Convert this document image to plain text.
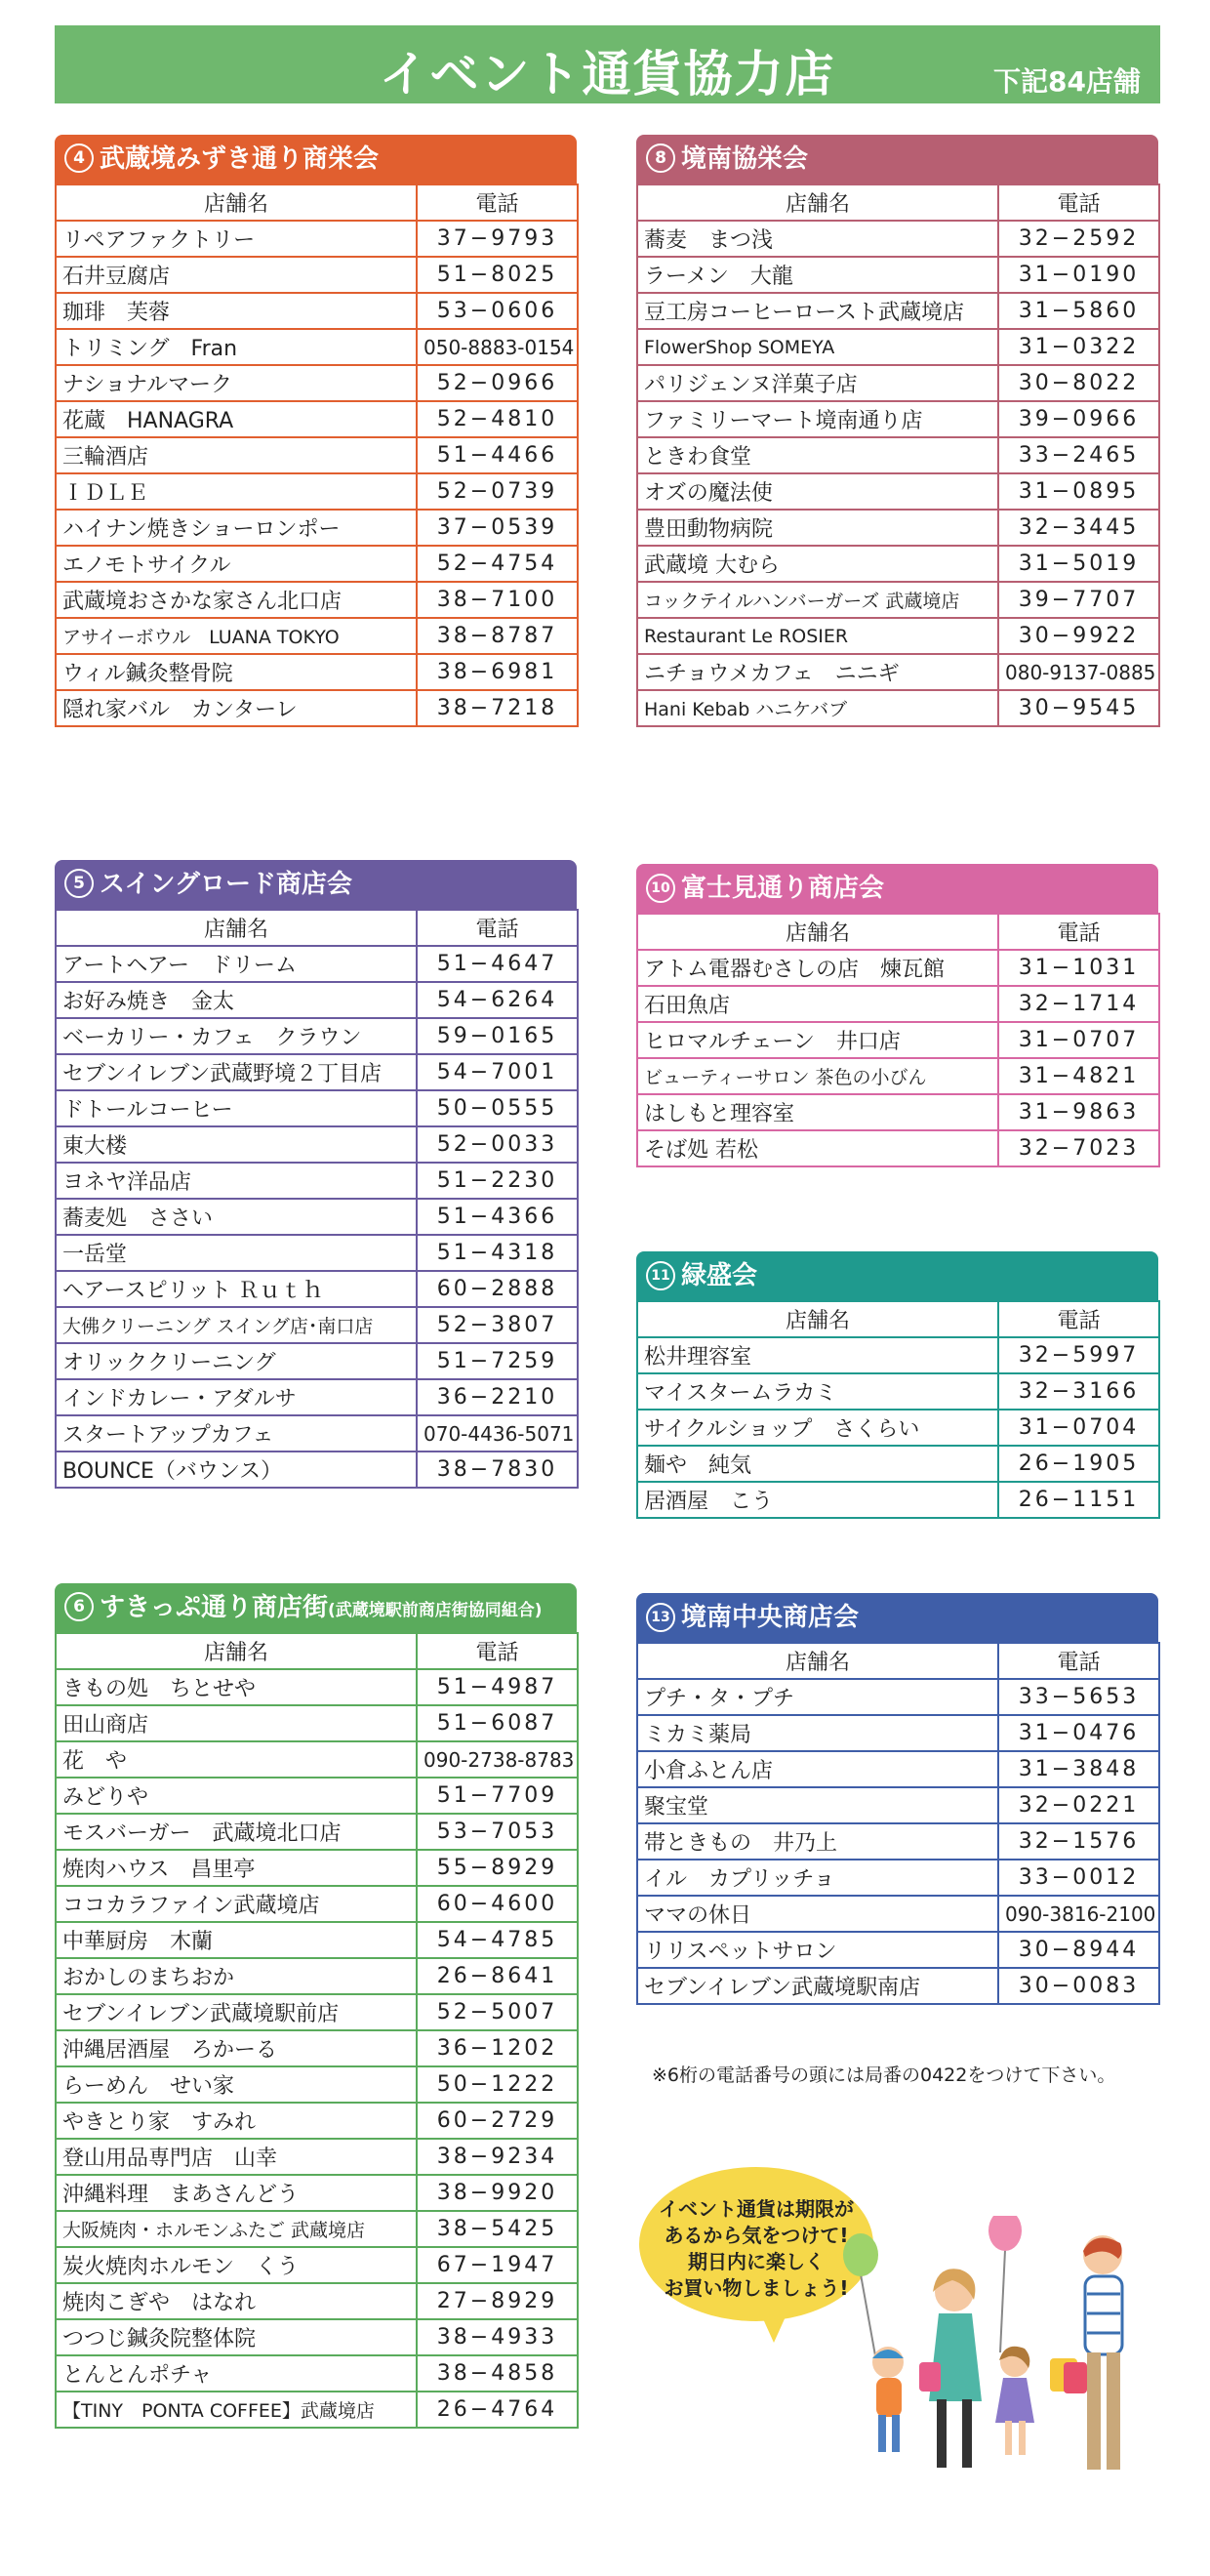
イベント通貨協力店	下記84店舗
4 武蔵境みずき通り商栄会
店舗名	電話
リペアファクトリー	37−9793
石井豆腐店	51−8025
珈琲　芙蓉	53−0606
トリミング　Fran	050-8883-0154
ナショナルマーク	52−0966
花蔵　HANAGRA	52−4810
三輪酒店	51−4466
ＩＤＬＥ	52−0739
ハイナン焼きショーロンポー	37−0539
エノモトサイクル	52−4754
武蔵境おさかな家さん北口店	38−7100
アサイーボウル　LUANA TOKYO	38−8787
ウィル鍼灸整骨院	38−6981
隠れ家バル　カンターレ	38−7218
5 スイングロード商店会
店舗名	電話
アートヘアー　ドリーム	51−4647
お好み焼き　金太	54−6264
ベーカリー・カフェ　クラウン	59−0165
セブンイレブン武蔵野境２丁目店	54−7001
ドトールコーヒー	50−0555
東大楼	52−0033
ヨネヤ洋品店	51−2230
蕎麦処　ささい	51−4366
一岳堂	51−4318
ヘアースピリット Ｒｕｔｈ	60−2888
大佛クリーニング スイング店･南口店	52−3807
オリッククリーニング	51−7259
インドカレー・アダルサ	36−2210
スタートアップカフェ	070-4436-5071
BOUNCE（バウンス）	38−7830
6 すきっぷ通り商店街(武蔵境駅前商店街協同組合)
店舗名	電話
きもの処　ちとせや	51−4987
田山商店	51−6087
花　や	090-2738-8783
みどりや	51−7709
モスバーガー　武蔵境北口店	53−7053
焼肉ハウス　昌里亭	55−8929
ココカラファイン武蔵境店	60−4600
中華厨房　木蘭	54−4785
おかしのまちおか	26−8641
セブンイレブン武蔵境駅前店	52−5007
沖縄居酒屋　ろかーる	36−1202
らーめん　せい家	50−1222
やきとり家　すみれ	60−2729
登山用品専門店　山幸	38−9234
沖縄料理　まあさんどう	38−9920
大阪焼肉・ホルモンふたご 武蔵境店	38−5425
炭火焼肉ホルモン　くう	67−1947
焼肉こぎや　はなれ	27−8929
つつじ鍼灸院整体院	38−4933
とんとんポチャ	38−4858
【TINY　PONTA COFFEE】武蔵境店	26−4764
8 境南協栄会
店舗名	電話
蕎麦　まつ浅	32−2592
ラーメン　大龍	31−0190
豆工房コーヒーロースト武蔵境店	31−5860
FlowerShop SOMEYA	31−0322
パリジェンヌ洋菓子店	30−8022
ファミリーマート境南通り店	39−0966
ときわ食堂	33−2465
オズの魔法使	31−0895
豊田動物病院	32−3445
武蔵境 大むら	31−5019
コックテイルハンバーガーズ 武蔵境店	39−7707
Restaurant Le ROSIER	30−9922
ニチョウメカフェ　ニニギ	080-9137-0885
Hani Kebab ハニケバブ	30−9545
10 富士見通り商店会
店舗名	電話
アトム電器むさしの店　煉瓦館	31−1031
石田魚店	32−1714
ヒロマルチェーン　井口店	31−0707
ビューティーサロン 茶色の小びん	31−4821
はしもと理容室	31−9863
そば処 若松	32−7023
11 緑盛会
店舗名	電話
松井理容室	32−5997
マイスタームラカミ	32−3166
サイクルショップ　さくらい	31−0704
麺や　純気	26−1905
居酒屋　こう	26−1151
13 境南中央商店会
店舗名	電話
プチ・タ・プチ	33−5653
ミカミ薬局	31−0476
小倉ふとん店	31−3848
聚宝堂	32−0221
帯ときもの　井乃上	32−1576
イル　カプリッチョ	33−0012
ママの休日	090-3816-2100
リリスペットサロン	30−8944
セブンイレブン武蔵境駅南店	30−0083
※6桁の電話番号の頭には局番の0422をつけて下さい。
イベント通貨は期限が
あるから気をつけて!
期日内に楽しく
お買い物しましょう!
